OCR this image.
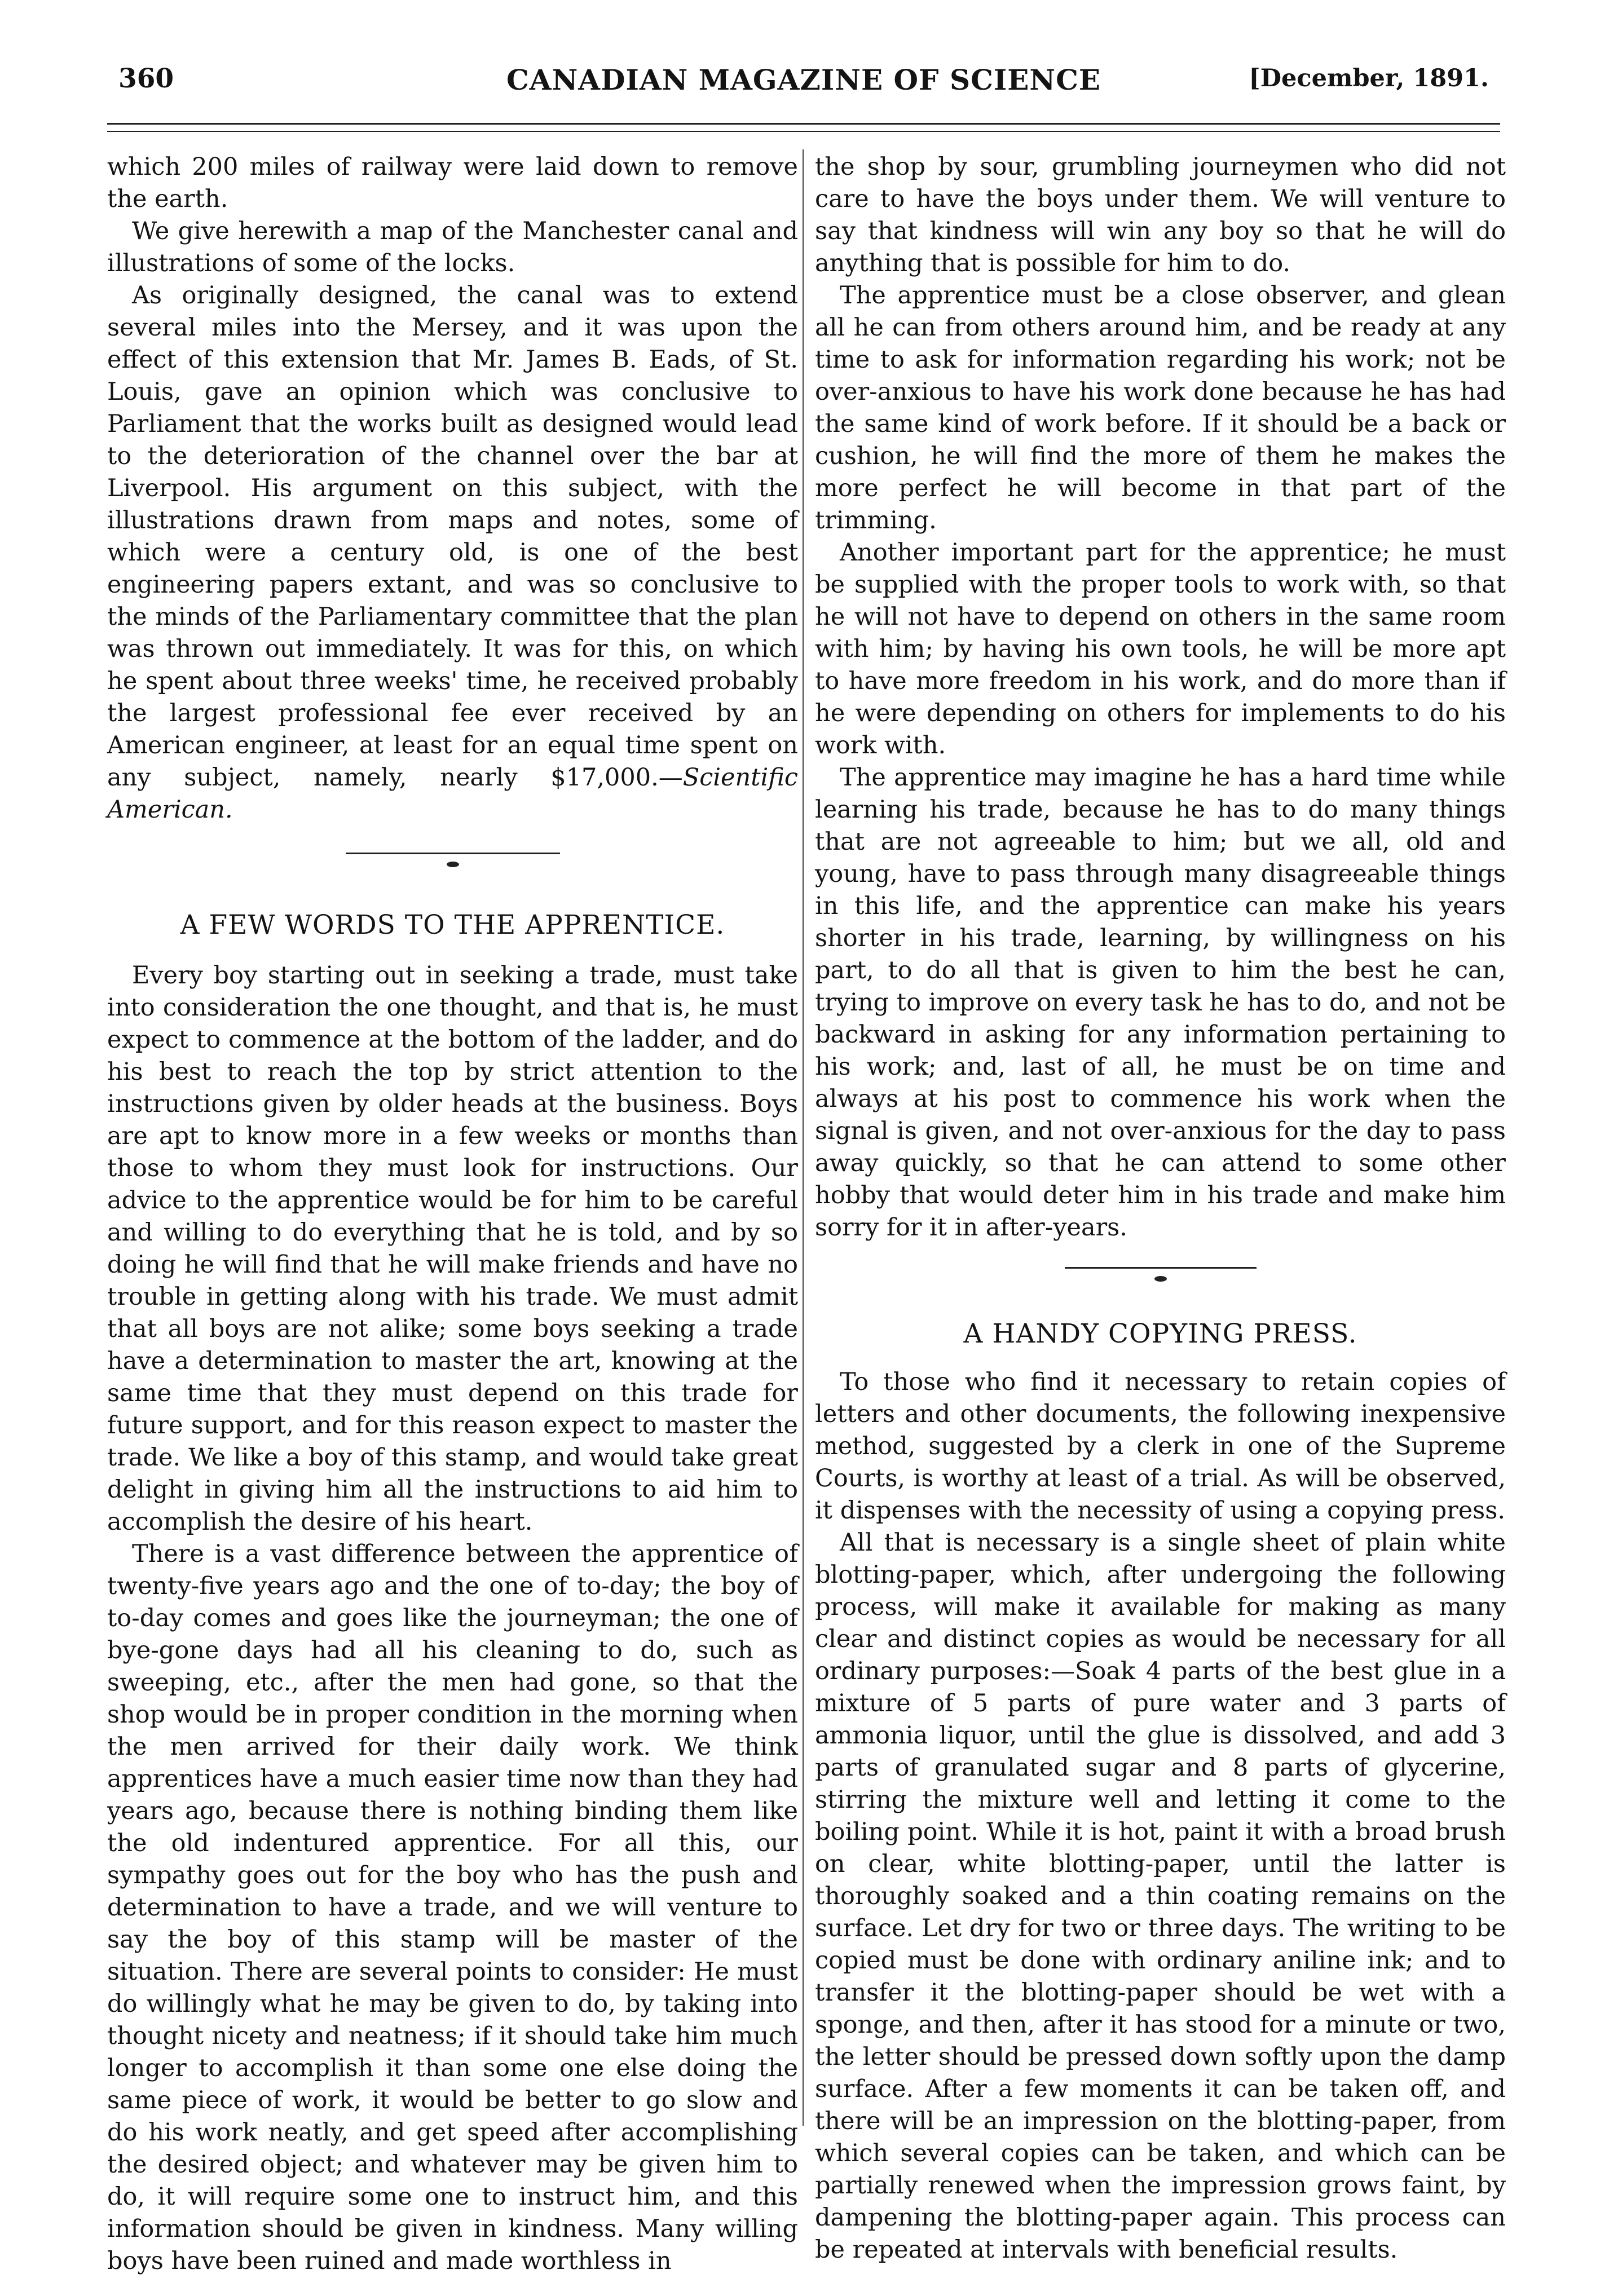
360	CANADIAN MAGAZINE OF SCIENCE	[December, 1891.

which 200 miles of railway were laid down to remove the earth.

We give herewith a map of the Manchester canal and illustrations of some of the locks.

As originally designed, the canal was to extend several miles into the Mersey, and it was upon the effect of this extension that Mr. James B. Eads, of St. Louis, gave an opinion which was conclusive to Parliament that the works built as designed would lead to the deterioration of the channel over the bar at Liverpool. His argument on this subject, with the illustrations drawn from maps and notes, some of which were a century old, is one of the best engineering papers extant, and was so conclusive to the minds of the Parliamentary committee that the plan was thrown out immediately. It was for this, on which he spent about three weeks' time, he received probably the largest professional fee ever received by an American engineer, at least for an equal time spent on any subject, namely, nearly $17,000.—Scientific American.

A FEW WORDS TO THE APPRENTICE.

Every boy starting out in seeking a trade, must take into consideration the one thought, and that is, he must expect to commence at the bottom of the ladder, and do his best to reach the top by strict attention to the instructions given by older heads at the business. Boys are apt to know more in a few weeks or months than those to whom they must look for instructions. Our advice to the apprentice would be for him to be careful and willing to do everything that he is told, and by so doing he will find that he will make friends and have no trouble in getting along with his trade. We must admit that all boys are not alike; some boys seeking a trade have a determination to master the art, knowing at the same time that they must depend on this trade for future support, and for this reason expect to master the trade. We like a boy of this stamp, and would take great delight in giving him all the instructions to aid him to accomplish the desire of his heart.

There is a vast difference between the apprentice of twenty-five years ago and the one of to-day; the boy of to-day comes and goes like the journeyman; the one of bye-gone days had all his cleaning to do, such as sweeping, etc., after the men had gone, so that the shop would be in proper condition in the morning when the men arrived for their daily work. We think apprentices have a much easier time now than they had years ago, because there is nothing binding them like the old indentured apprentice. For all this, our sympathy goes out for the boy who has the push and determination to have a trade, and we will venture to say the boy of this stamp will be master of the situation. There are several points to consider: He must do willingly what he may be given to do, by taking into thought nicety and neatness; if it should take him much longer to accomplish it than some one else doing the same piece of work, it would be better to go slow and do his work neatly, and get speed after accomplishing the desired object; and whatever may be given him to do, it will require some one to instruct him, and this information should be given in kindness. Many willing boys have been ruined and made worthless in

the shop by sour, grumbling journeymen who did not care to have the boys under them. We will venture to say that kindness will win any boy so that he will do anything that is possible for him to do.

The apprentice must be a close observer, and glean all he can from others around him, and be ready at any time to ask for information regarding his work; not be over-anxious to have his work done because he has had the same kind of work before. If it should be a back or cushion, he will find the more of them he makes the more perfect he will become in that part of the trimming.

Another important part for the apprentice; he must be supplied with the proper tools to work with, so that he will not have to depend on others in the same room with him; by having his own tools, he will be more apt to have more freedom in his work, and do more than if he were depending on others for implements to do his work with.

The apprentice may imagine he has a hard time while learning his trade, because he has to do many things that are not agreeable to him; but we all, old and young, have to pass through many disagreeable things in this life, and the apprentice can make his years shorter in his trade, learning, by willingness on his part, to do all that is given to him the best he can, trying to improve on every task he has to do, and not be backward in asking for any information pertaining to his work; and, last of all, he must be on time and always at his post to commence his work when the signal is given, and not over-anxious for the day to pass away quickly, so that he can attend to some other hobby that would deter him in his trade and make him sorry for it in after-years.

A HANDY COPYING PRESS.

To those who find it necessary to retain copies of letters and other documents, the following inexpensive method, suggested by a clerk in one of the Supreme Courts, is worthy at least of a trial. As will be observed, it dispenses with the necessity of using a copying press.

All that is necessary is a single sheet of plain white blotting-paper, which, after undergoing the following process, will make it available for making as many clear and distinct copies as would be necessary for all ordinary purposes:—Soak 4 parts of the best glue in a mixture of 5 parts of pure water and 3 parts of ammonia liquor, until the glue is dissolved, and add 3 parts of granulated sugar and 8 parts of glycerine, stirring the mixture well and letting it come to the boiling point. While it is hot, paint it with a broad brush on clear, white blotting-paper, until the latter is thoroughly soaked and a thin coating remains on the surface. Let dry for two or three days. The writing to be copied must be done with ordinary aniline ink; and to transfer it the blotting-paper should be wet with a sponge, and then, after it has stood for a minute or two, the letter should be pressed down softly upon the damp surface. After a few moments it can be taken off, and there will be an impression on the blotting-paper, from which several copies can be taken, and which can be partially renewed when the impression grows faint, by dampening the blotting-paper again. This process can be repeated at intervals with beneficial results.
